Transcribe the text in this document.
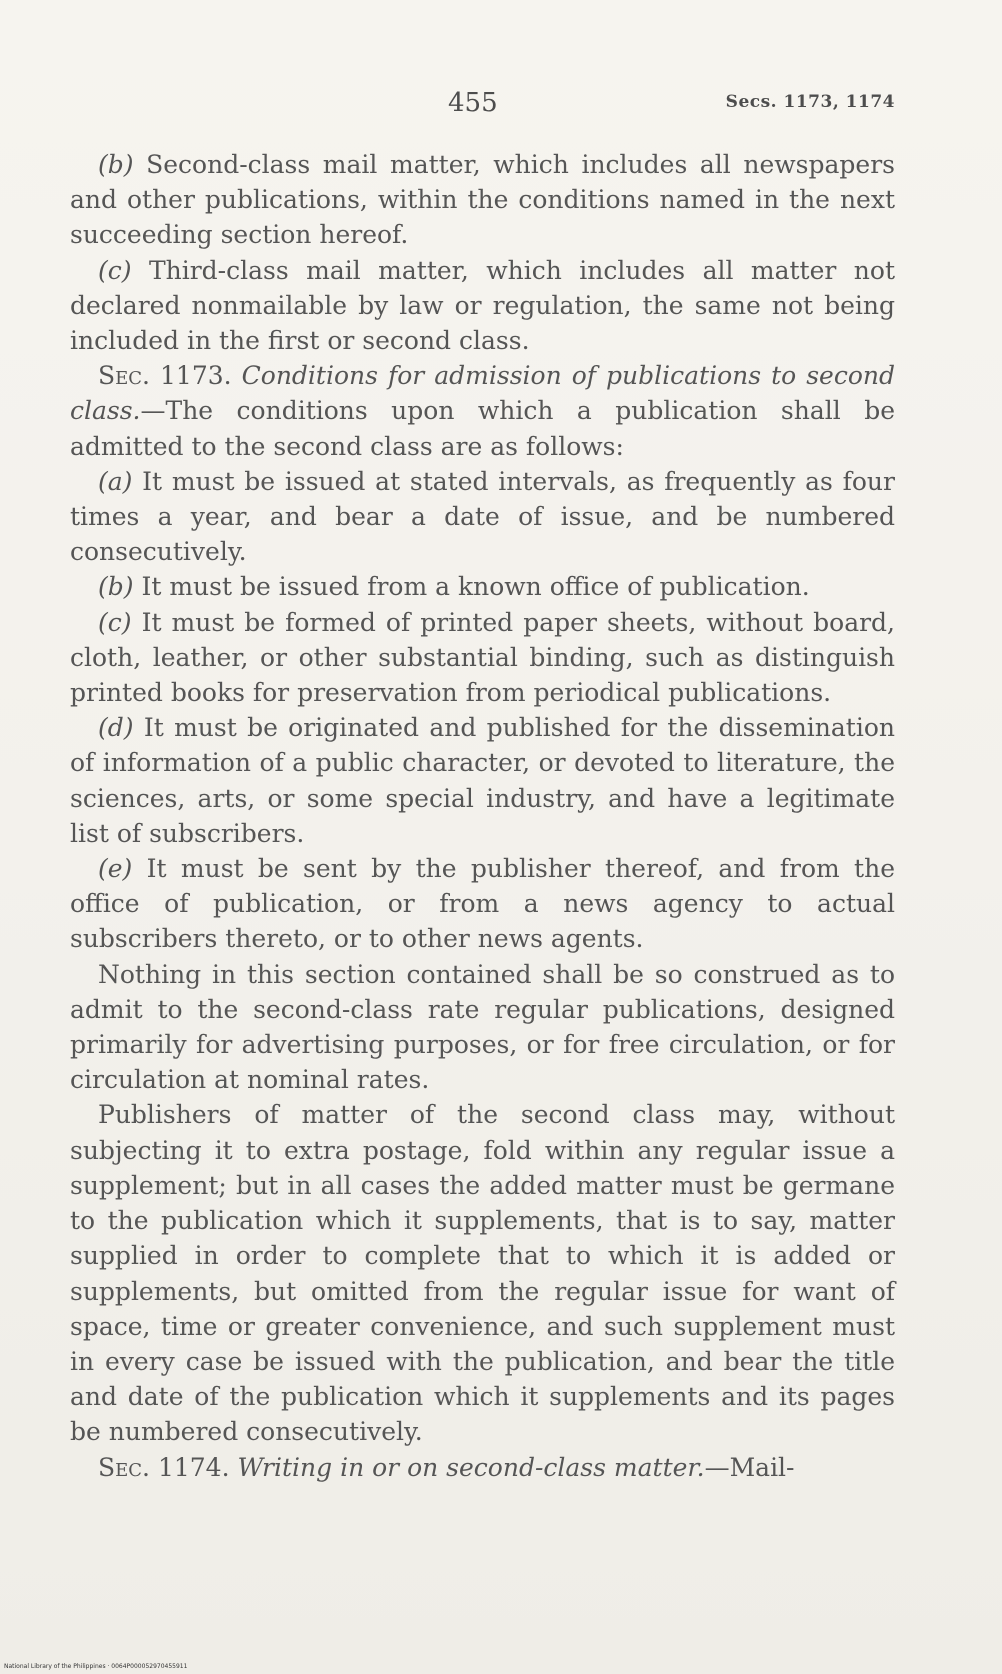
455	Secs. 1173, 1174

(b) Second-class mail matter, which includes all newspapers and other publications, within the conditions named in the next succeeding section hereof.

(c) Third-class mail matter, which includes all matter not declared nonmailable by law or regulation, the same not being included in the first or second class.

Sec. 1173. Conditions for admission of publications to second class.—The conditions upon which a publication shall be admitted to the second class are as follows:

(a) It must be issued at stated intervals, as frequently as four times a year, and bear a date of issue, and be numbered consecutively.

(b) It must be issued from a known office of publication.

(c) It must be formed of printed paper sheets, without board, cloth, leather, or other substantial binding, such as distinguish printed books for preservation from periodical publications.

(d) It must be originated and published for the dissemination of information of a public character, or devoted to literature, the sciences, arts, or some special industry, and have a legitimate list of subscribers.

(e) It must be sent by the publisher thereof, and from the office of publication, or from a news agency to actual subscribers thereto, or to other news agents.

Nothing in this section contained shall be so construed as to admit to the second-class rate regular publications, designed primarily for advertising purposes, or for free circulation, or for circulation at nominal rates.

Publishers of matter of the second class may, without subjecting it to extra postage, fold within any regular issue a supplement; but in all cases the added matter must be germane to the publication which it supplements, that is to say, matter supplied in order to complete that to which it is added or supplements, but omitted from the regular issue for want of space, time or greater convenience, and such supplement must in every case be issued with the publication, and bear the title and date of the publication which it supplements and its pages be numbered consecutively.

Sec. 1174. Writing in or on second-class matter.—Mail-

National Library of the Philippines · 0064P000052970455911
